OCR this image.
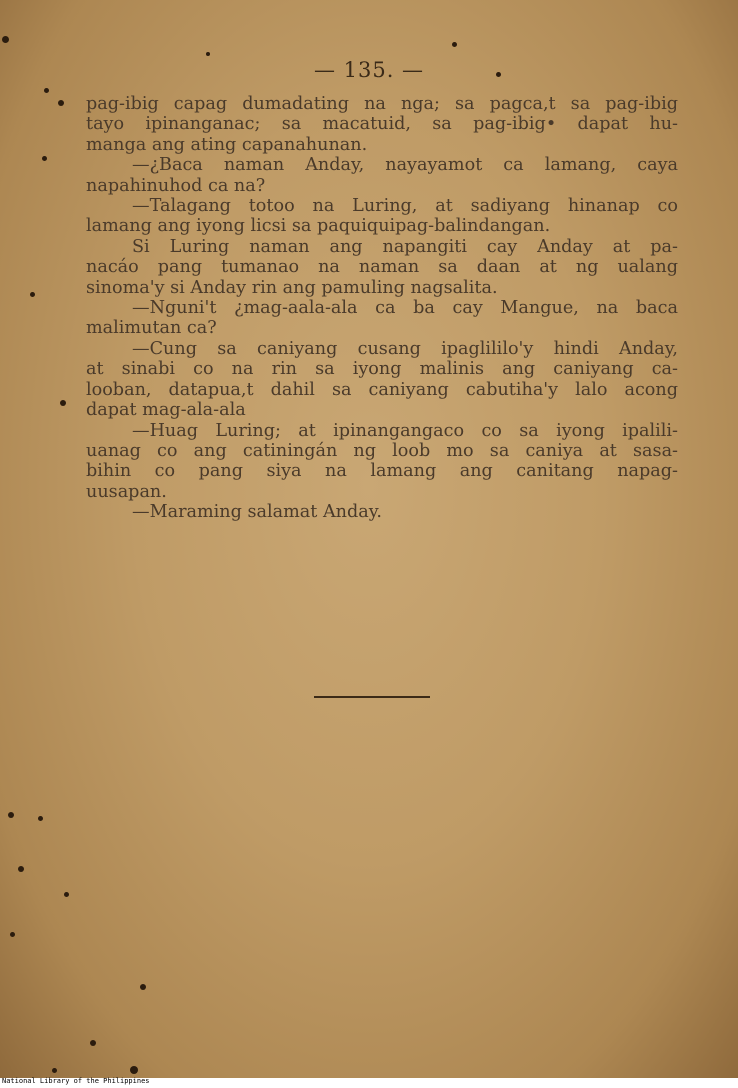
— 135. —
pag-ibig capag dumadating na nga; sa pagca,t sa pag-ibig
tayo ipinanganac; sa macatuid, sa pag-ibig• dapat hu-
manga ang ating capanahunan.
—¿Baca naman Anday, nayayamot ca lamang, caya
napahinuhod ca na?
—Talagang totoo na Luring, at sadiyang hinanap co
lamang ang iyong licsi sa paquiquipag-balindangan.
Si Luring naman ang napangiti cay Anday at pa-
nacáo pang tumanao na naman sa daan at ng ualang
sinoma'y si Anday rin ang pamuling nagsalita.
—Nguni't ¿mag-aala-ala ca ba cay Mangue, na baca
malimutan ca?
—Cung sa caniyang cusang ipaglililo'y hindi Anday,
at sinabi co na rin sa iyong malinis ang caniyang ca-
looban, datapua,t dahil sa caniyang cabutiha'y lalo acong
dapat mag-ala-ala
—Huag Luring; at ipinangangaco co sa iyong ipalili-
uanag co ang catiningán ng loob mo sa caniya at sasa-
bihin co pang siya na lamang ang canitang napag-
uusapan.
—Maraming salamat Anday.
National Library of the Philippines
